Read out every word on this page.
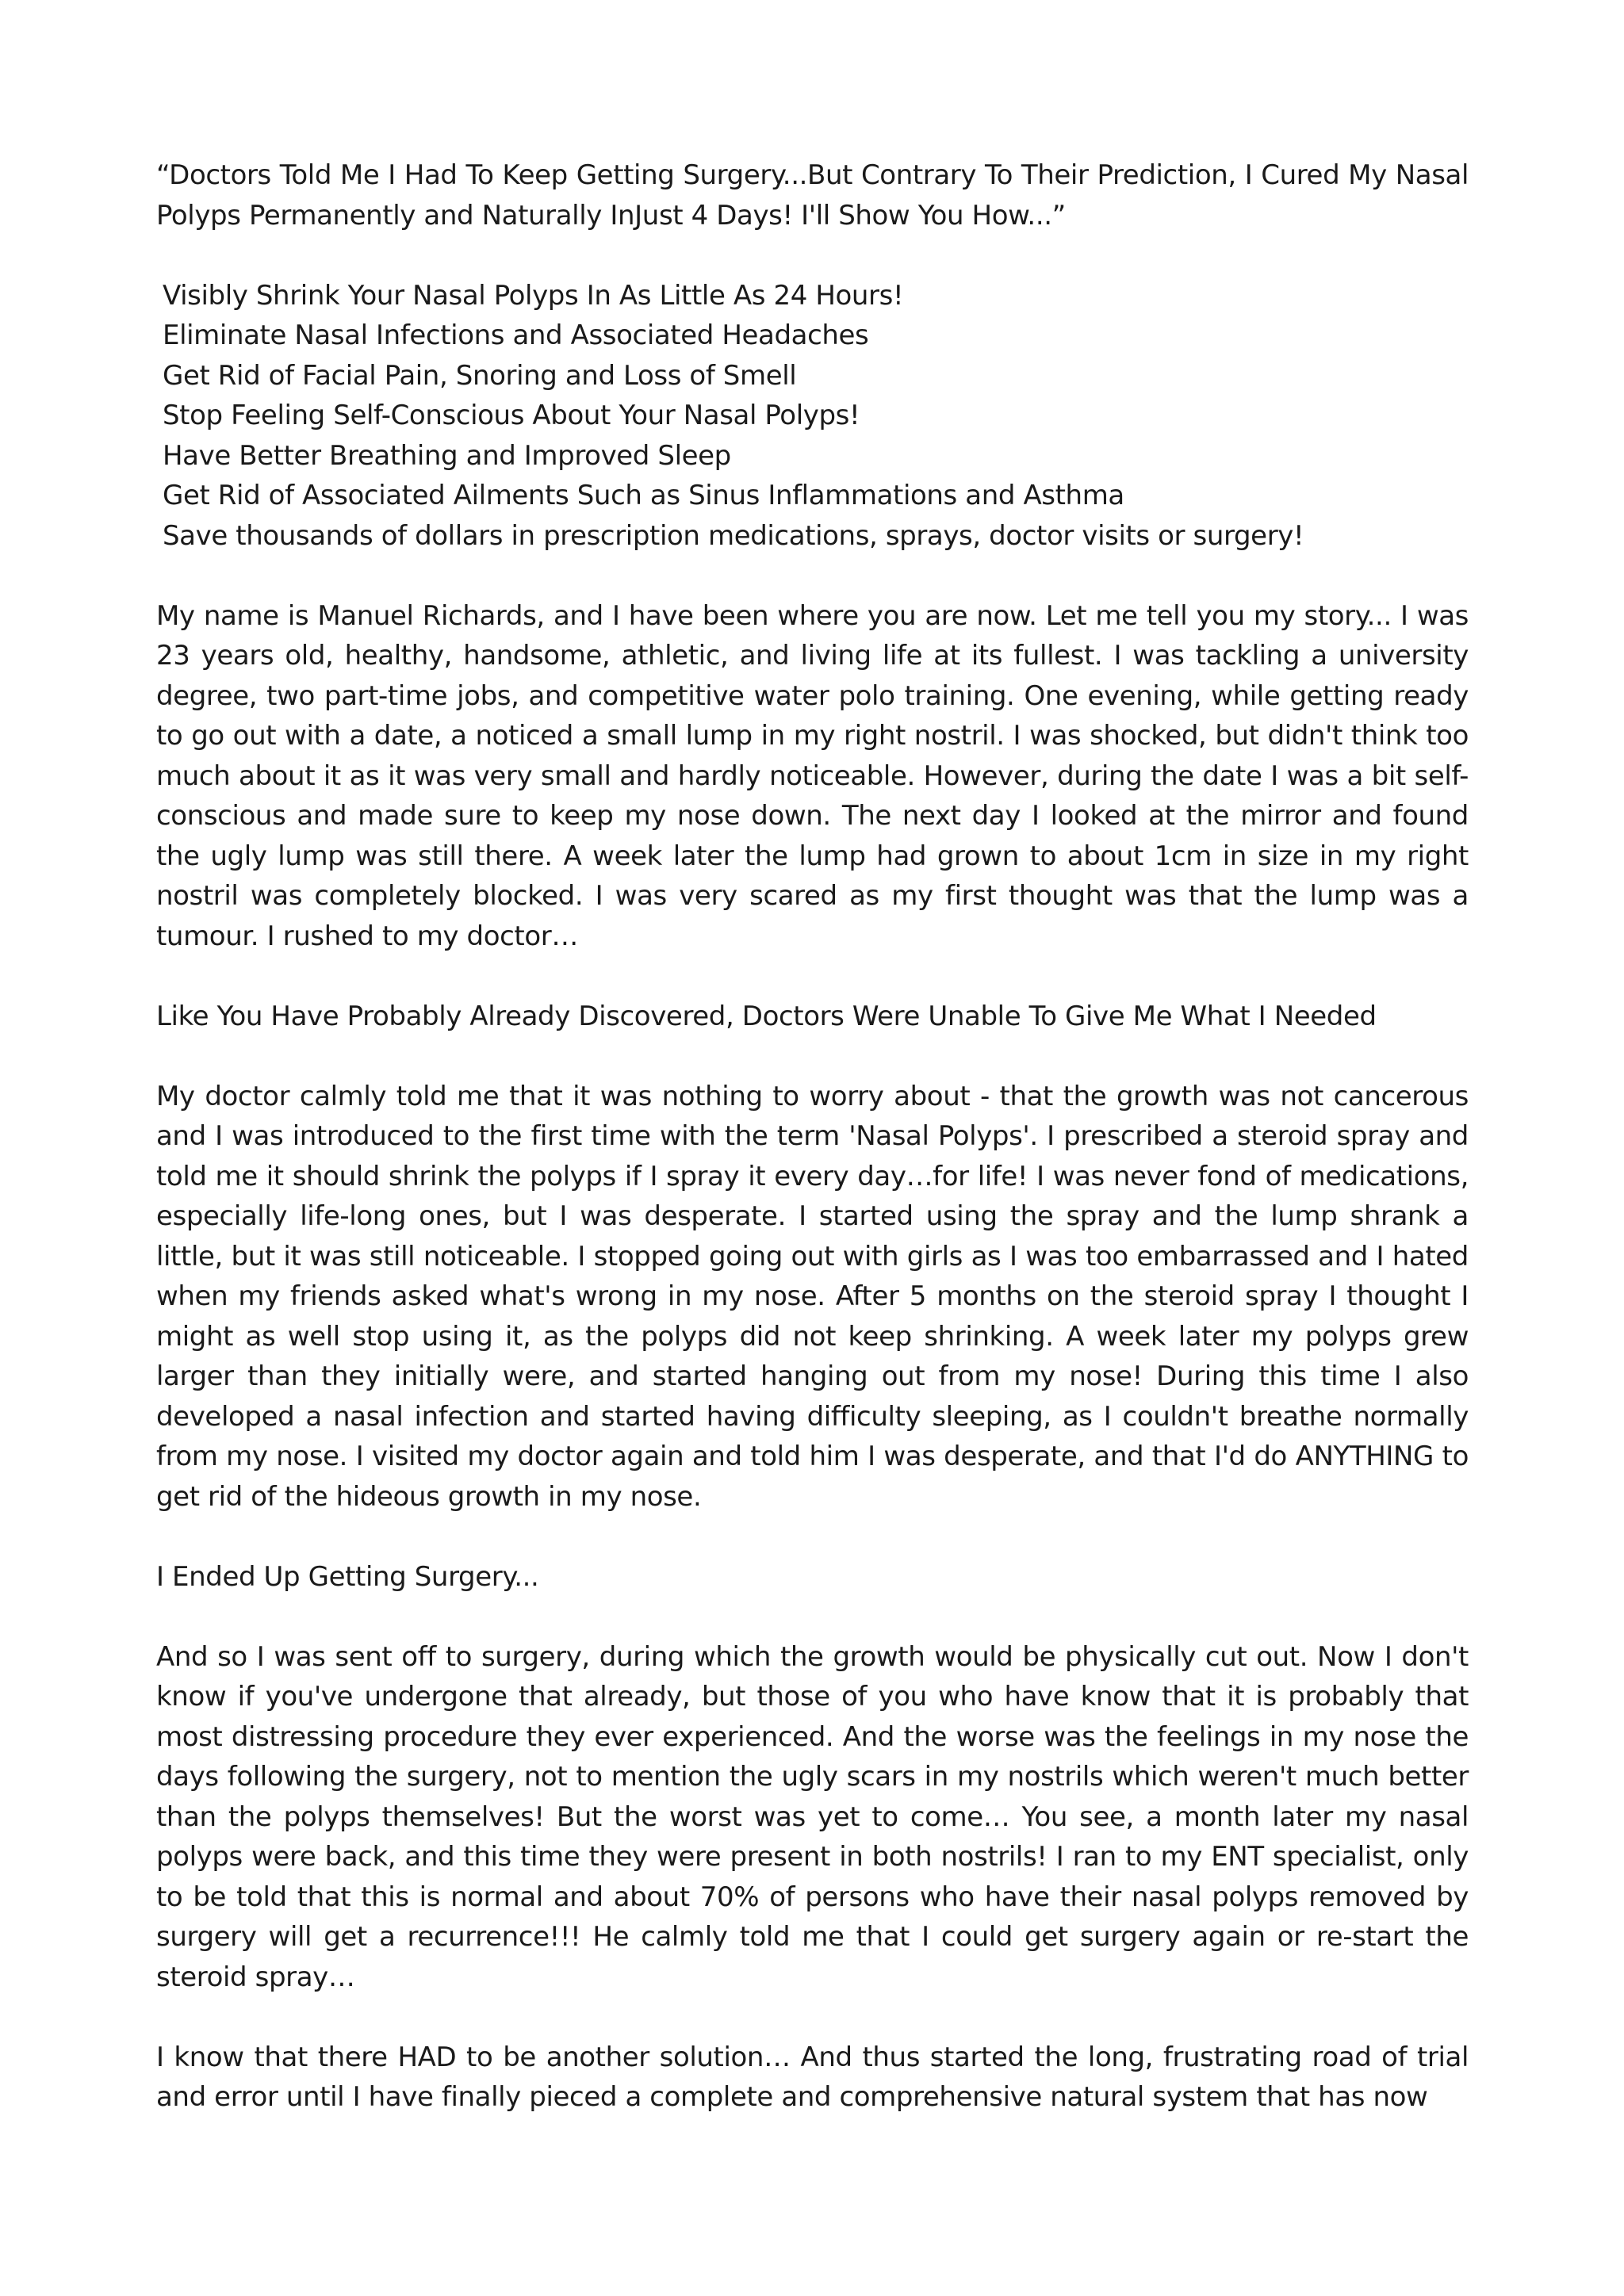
“Doctors Told Me I Had To Keep Getting Surgery...But Contrary To Their Prediction, I Cured My Nasal Polyps Permanently and Naturally InJust 4 Days! I'll Show You How...”

Visibly Shrink Your Nasal Polyps In As Little As 24 Hours!
Eliminate Nasal Infections and Associated Headaches
Get Rid of Facial Pain, Snoring and Loss of Smell
Stop Feeling Self-Conscious About Your Nasal Polyps!
Have Better Breathing and Improved Sleep
Get Rid of Associated Ailments Such as Sinus Inflammations and Asthma
Save thousands of dollars in prescription medications, sprays, doctor visits or surgery!

My name is Manuel Richards, and I have been where you are now. Let me tell you my story... I was 23 years old, healthy, handsome, athletic, and living life at its fullest. I was tackling a university degree, two part-time jobs, and competitive water polo training. One evening, while getting ready to go out with a date, a noticed a small lump in my right nostril. I was shocked, but didn't think too much about it as it was very small and hardly noticeable. However, during the date I was a bit self-conscious and made sure to keep my nose down. The next day I looked at the mirror and found the ugly lump was still there. A week later the lump had grown to about 1cm in size in my right nostril was completely blocked. I was very scared as my first thought was that the lump was a tumour. I rushed to my doctor…

Like You Have Probably Already Discovered, Doctors Were Unable To Give Me What I Needed

My doctor calmly told me that it was nothing to worry about - that the growth was not cancerous and I was introduced to the first time with the term 'Nasal Polyps'. I prescribed a steroid spray and told me it should shrink the polyps if I spray it every day…for life! I was never fond of medications, especially life-long ones, but I was desperate. I started using the spray and the lump shrank a little, but it was still noticeable. I stopped going out with girls as I was too embarrassed and I hated when my friends asked what's wrong in my nose. After 5 months on the steroid spray I thought I might as well stop using it, as the polyps did not keep shrinking. A week later my polyps grew larger than they initially were, and started hanging out from my nose! During this time I also developed a nasal infection and started having difficulty sleeping, as I couldn't breathe normally from my nose. I visited my doctor again and told him I was desperate, and that I'd do ANYTHING to get rid of the hideous growth in my nose.

I Ended Up Getting Surgery...

And so I was sent off to surgery, during which the growth would be physically cut out. Now I don't know if you've undergone that already, but those of you who have know that it is probably that most distressing procedure they ever experienced. And the worse was the feelings in my nose the days following the surgery, not to mention the ugly scars in my nostrils which weren't much better than the polyps themselves! But the worst was yet to come… You see, a month later my nasal polyps were back, and this time they were present in both nostrils! I ran to my ENT specialist, only to be told that this is normal and about 70% of persons who have their nasal polyps removed by surgery will get a recurrence!!! He calmly told me that I could get surgery again or re-start the steroid spray…

I know that there HAD to be another solution… And thus started the long, frustrating road of trial and error until I have finally pieced a complete and comprehensive natural system that has now
